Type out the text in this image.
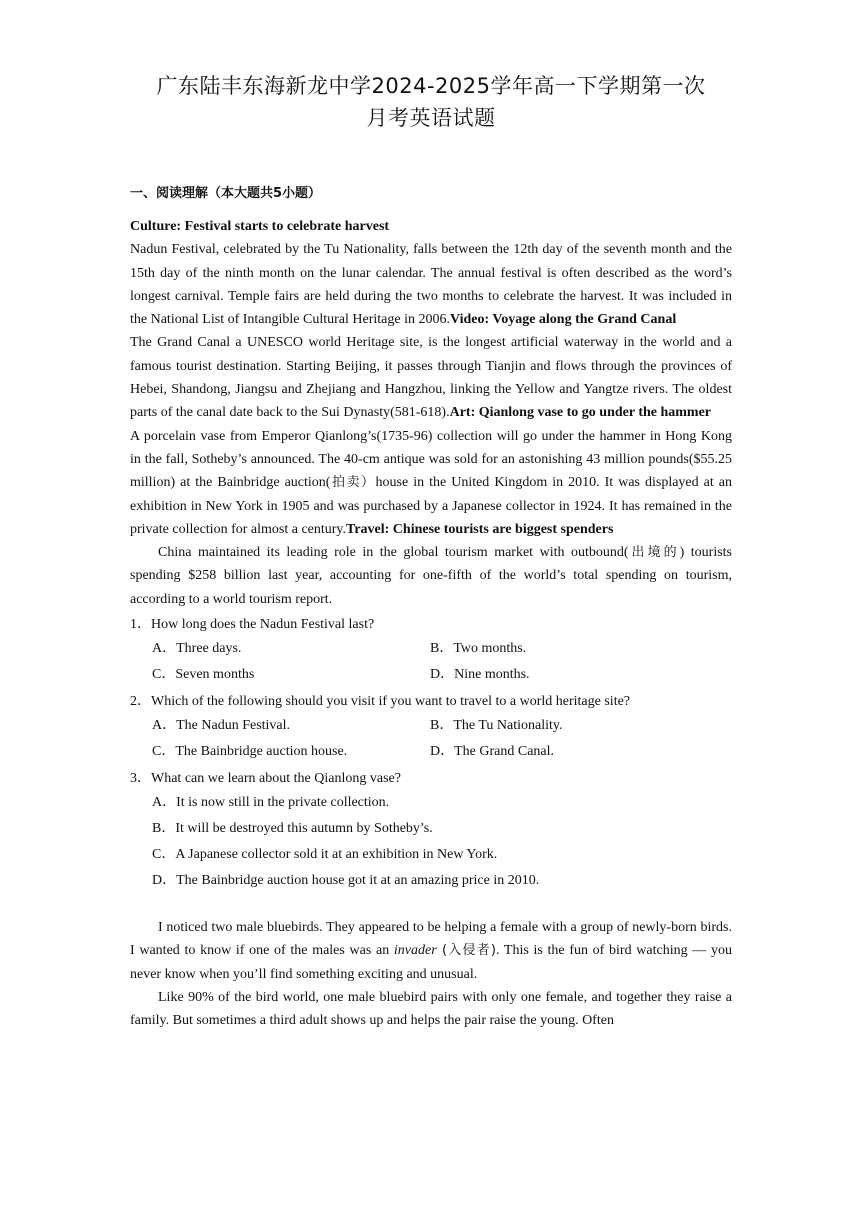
广东陆丰东海新龙中学2024-2025学年高一下学期第一次
月考英语试题
一、阅读理解（本大题共5小题）

Culture: Festival starts to celebrate harvest
Nadun Festival, celebrated by the Tu Nationality, falls between the 12th day of the seventh month and the 15th day of the ninth month on the lunar calendar. The annual festival is often described as the word’s longest carnival. Temple fairs are held during the two months to celebrate the harvest. It was included in the National List of Intangible Cultural Heritage in 2006.Video: Voyage along the Grand Canal
The Grand Canal a UNESCO world Heritage site, is the longest artificial waterway in the world and a famous tourist destination. Starting Beijing, it passes through Tianjin and flows through the provinces of Hebei, Shandong, Jiangsu and Zhejiang and Hangzhou, linking the Yellow and Yangtze rivers. The oldest parts of the canal date back to the Sui Dynasty(581-618).Art: Qianlong vase to go under the hammer
A porcelain vase from Emperor Qianlong’s(1735-96) collection will go under the hammer in Hong Kong in the fall, Sotheby’s announced. The 40-cm antique was sold for an astonishing 43 million pounds($55.25 million) at the Bainbridge auction(拍卖）house in the United Kingdom in 2010. It was displayed at an exhibition in New York in 1905 and was purchased by a Japanese collector in 1924. It has remained in the private collection for almost a century.Travel: Chinese tourists are biggest spenders

China maintained its leading role in the global tourism market with outbound(出境的) tourists spending $258 billion last year, accounting for one-fifth of the world’s total spending on tourism, according to a world tourism report.

1．How long does the Nadun Festival last?
A．Three days.	B．Two months.
C．Seven months	D．Nine months.
2．Which of the following should you visit if you want to travel to a world heritage site?
A．The Nadun Festival.	B．The Tu Nationality.
C．The Bainbridge auction house.	D．The Grand Canal.
3．What can we learn about the Qianlong vase?
A．It is now still in the private collection.
B．It will be destroyed this autumn by Sotheby’s.
C．A Japanese collector sold it at an exhibition in New York.
D．The Bainbridge auction house got it at an amazing price in 2010.

I noticed two male bluebirds. They appeared to be helping a female with a group of newly-born birds. I wanted to know if one of the males was an invader (入侵者). This is the fun of bird watching — you never know when you’ll find something exciting and unusual.

Like 90% of the bird world, one male bluebird pairs with only one female, and together they raise a family. But sometimes a third adult shows up and helps the pair raise the young. Often
